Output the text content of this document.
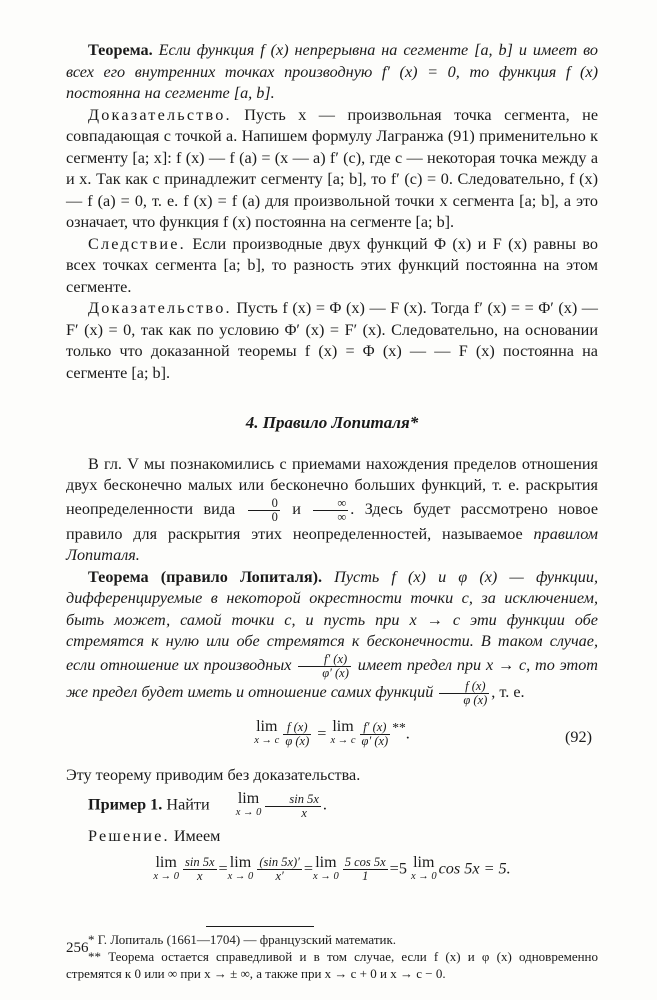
Теорема. Если функция f (x) непрерывна на сегменте [a, b] и имеет во всех его внутренних точках производную f′ (x) = 0, то функция f (x) постоянна на сегменте [a, b].

Доказательство. Пусть x — произвольная точка сегмента, не совпадающая с точкой a. Напишем формулу Лагранжа (91) применительно к сегменту [a; x]: f (x) — f (a) = (x — a) f′ (c), где c — некоторая точка между a и x. Так как c принадлежит сегменту [a; b], то f′ (c) = 0. Следовательно, f (x) — f (a) = 0, т. е. f (x) = f (a) для произвольной точки x сегмента [a; b], а это означает, что функция f (x) постоянна на сегменте [a; b].

Следствие. Если производные двух функций Φ (x) и F (x) равны во всех точках сегмента [a; b], то разность этих функций постоянна на этом сегменте.

Доказательство. Пусть f (x) = Φ (x) — F (x). Тогда f′ (x) = = Φ′ (x) — F′ (x) = 0, так как по условию Φ′ (x) = F′ (x). Следовательно, на основании только что доказанной теоремы f (x) = Φ (x) — — F (x) постоянна на сегменте [a; b].

4. Правило Лопиталя*

В гл. V мы познакомились с приемами нахождения пределов отношения двух бесконечно малых или бесконечно больших функций, т. е. раскрытия неопределенности вида $\frac{0}{0}$ и $\frac{\infty}{\infty}$ . Здесь будет рассмотрено новое правило для раскрытия этих неопределенностей, называемое правилом Лопиталя.

Теорема (правило Лопиталя). Пусть f (x) и φ (x) — функции, дифференцируемые в некоторой окрестности точки c, за исключением, быть может, самой точки c, и пусть при x → c эти функции обе стремятся к нулю или обе стремятся к бесконечности. В таком случае, если отношение их производных $\frac{f' (x)}{\varphi' (x)}$ имеет предел при x → c, то этот же предел будет иметь и отношение самих функций $\frac{f (x)}{\varphi (x)}$ , т. е.

lim
x → c $\frac{f (x)}{\varphi (x)} = \lim$
x → c $\frac{f' (x)}{\varphi' (x)} ^{**}$.	(92)

Эту теорему приводим без доказательства.

Пример 1. Найти	lim
$x \to 0 \frac{\sin 5x}{x}$ .

Решение. Имеем

lim
$x \to 0 \frac{\sin 5x}{x} = \lim$
$x \to 0 \frac{(\sin 5x)'}{x'} = \lim$
$x \to 0 \frac{5 \cos 5x}{1} =5$ lim
x → 0 cos 5x = 5.

* Г. Лопиталь (1661—1704) — французский математик.

** Теорема остается справедливой и в том случае, если f (x) и φ (x) одновременно стремятся к 0 или ∞ при x → ± ∞, а также при x → c + 0 и x → c − 0.

256
